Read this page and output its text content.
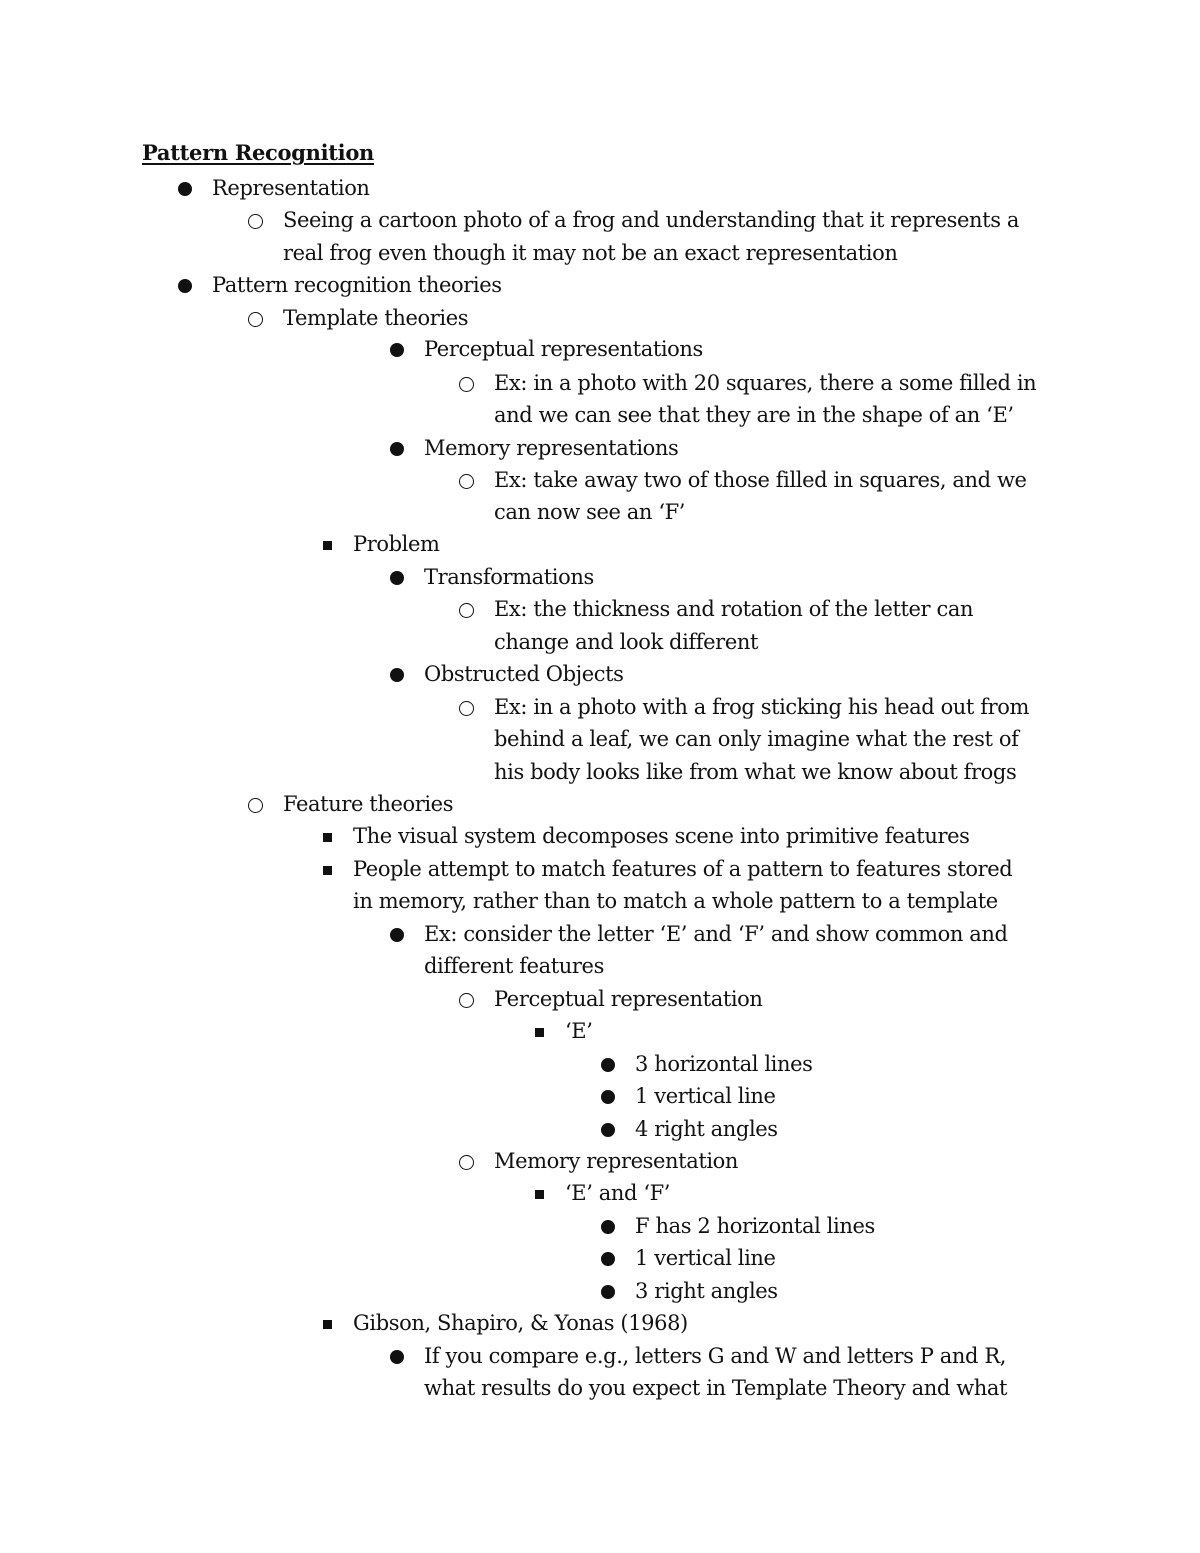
Pattern Recognition
Representation
Seeing a cartoon photo of a frog and understanding that it represents a
real frog even though it may not be an exact representation
Pattern recognition theories
Template theories
Perceptual representations
Ex: in a photo with 20 squares, there a some filled in
and we can see that they are in the shape of an ‘E’
Memory representations
Ex: take away two of those filled in squares, and we
can now see an ‘F’
Problem
Transformations
Ex: the thickness and rotation of the letter can
change and look different
Obstructed Objects
Ex: in a photo with a frog sticking his head out from
behind a leaf, we can only imagine what the rest of
his body looks like from what we know about frogs
Feature theories
The visual system decomposes scene into primitive features
People attempt to match features of a pattern to features stored
in memory, rather than to match a whole pattern to a template
Ex: consider the letter ‘E’ and ‘F’ and show common and
different features
Perceptual representation
‘E’
3 horizontal lines
1 vertical line
4 right angles
Memory representation
‘E’ and ‘F’
F has 2 horizontal lines
1 vertical line
3 right angles
Gibson, Shapiro, & Yonas (1968)
If you compare e.g., letters G and W and letters P and R,
what results do you expect in Template Theory and what
